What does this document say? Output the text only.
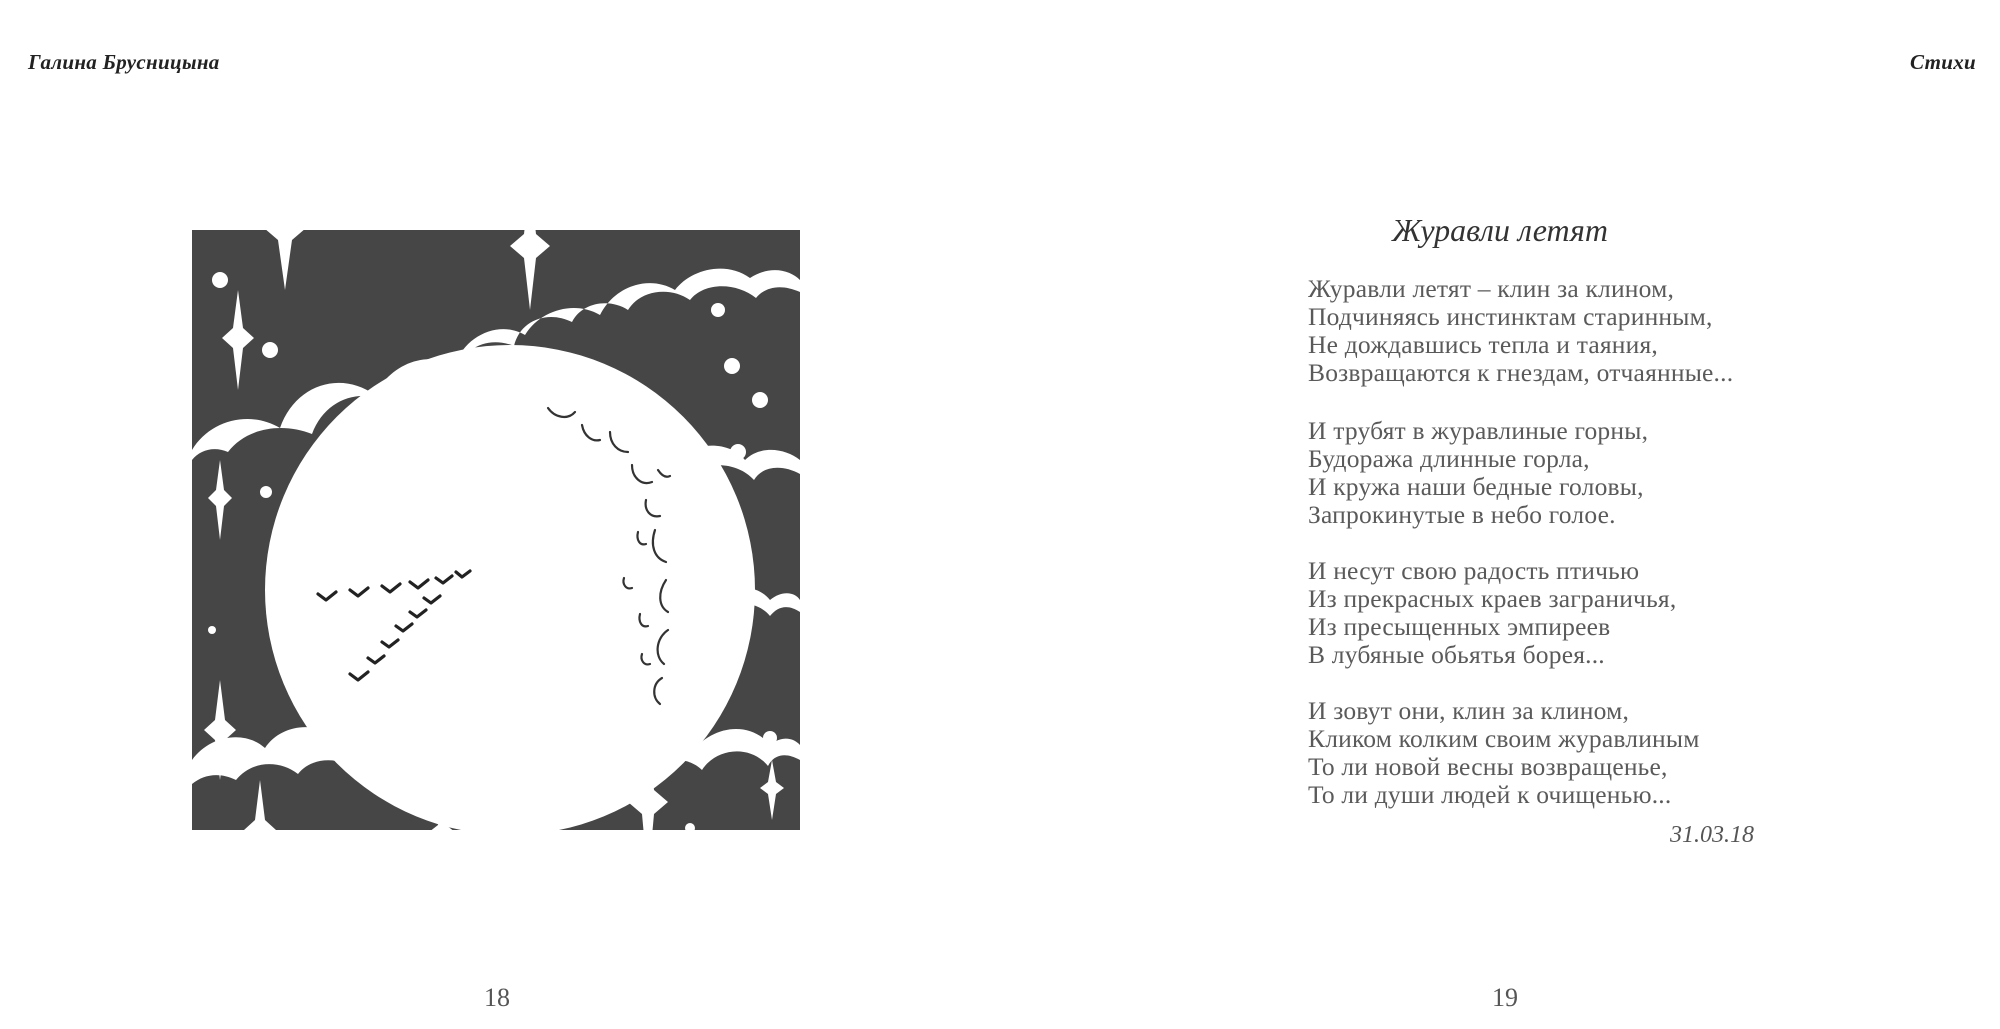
Галина Брусницына
18
Стихи
19
Журавли летят
Журавли летят – клин за клином,
Подчиняясь инстинктам старинным,
Не дождавшись тепла и таяния,
Возвращаются к гнездам, отчаянные...
И трубят в журавлиные горны,
Будоража длинные горла,
И кружа наши бедные головы,
Запрокинутые в небо голое.
И несут свою радость птичью
Из прекрасных краев заграничья,
Из пресыщенных эмпиреев
В лубяные обьятья борея...
И зовут они, клин за клином,
Кликом колким своим журавлиным
То ли новой весны возвращенье,
То ли души людей к очищенью...
31.03.18
